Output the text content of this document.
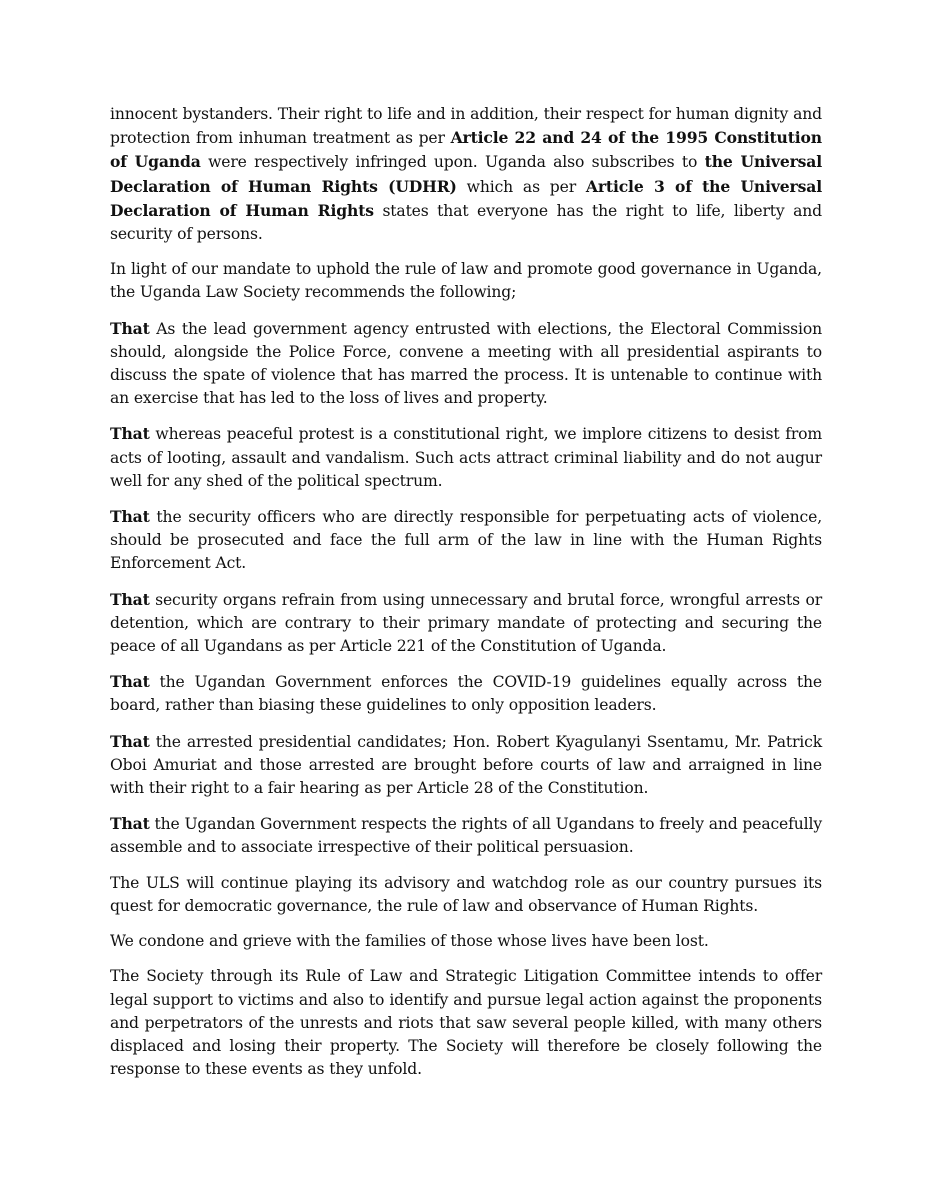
innocent bystanders. Their right to life and in addition, their respect for human dignity and protection from inhuman treatment as per Article 22 and 24 of the 1995 Constitution of Uganda were respectively infringed upon. Uganda also subscribes to the Universal Declaration of Human Rights (UDHR) which as per Article 3 of the Universal Declaration of Human Rights states that everyone has the right to life, liberty and security of persons.
In light of our mandate to uphold the rule of law and promote good governance in Uganda, the Uganda Law Society recommends the following;
That As the lead government agency entrusted with elections, the Electoral Commission should, alongside the Police Force, convene a meeting with all presidential aspirants to discuss the spate of violence that has marred the process. It is untenable to continue with an exercise that has led to the loss of lives and property.
That whereas peaceful protest is a constitutional right, we implore citizens to desist from acts of looting, assault and vandalism. Such acts attract criminal liability and do not augur well for any shed of the political spectrum.
That the security officers who are directly responsible for perpetuating acts of violence, should be prosecuted and face the full arm of the law in line with the Human Rights Enforcement Act.
That security organs refrain from using unnecessary and brutal force, wrongful arrests or detention, which are contrary to their primary mandate of protecting and securing the peace of all Ugandans as per Article 221 of the Constitution of Uganda.
That the Ugandan Government enforces the COVID-19 guidelines equally across the board, rather than biasing these guidelines to only opposition leaders.
That the arrested presidential candidates; Hon. Robert Kyagulanyi Ssentamu, Mr. Patrick Oboi Amuriat and those arrested are brought before courts of law and arraigned in line with their right to a fair hearing as per Article 28 of the Constitution.
That the Ugandan Government respects the rights of all Ugandans to freely and peacefully assemble and to associate irrespective of their political persuasion.
The ULS will continue playing its advisory and watchdog role as our country pursues its quest for democratic governance, the rule of law and observance of Human Rights.
We condone and grieve with the families of those whose lives have been lost.
The Society through its Rule of Law and Strategic Litigation Committee intends to offer legal support to victims and also to identify and pursue legal action against the proponents and perpetrators of the unrests and riots that saw several people killed, with many others displaced and losing their property. The Society will therefore be closely following the response to these events as they unfold.
